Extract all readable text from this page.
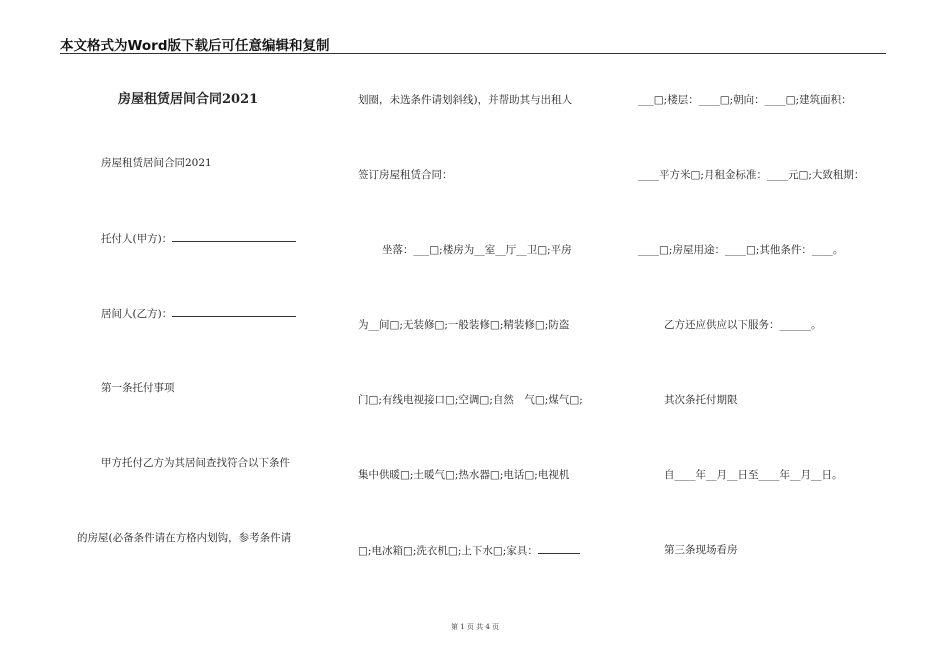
本文格式为Word版下载后可任意编辑和复制
房屋租赁居间合同2021
房屋租赁居间合同2021
托付人(甲方)：
居间人(乙方)：
第一条托付事项
甲方托付乙方为其居间查找符合以下条件
的房屋(必备条件请在方格内划钩，参考条件请
划圈，未选条件请划斜线)，并帮助其与出租人
签订房屋租赁合同：
坐落：___□;楼房为__室__厅__卫□;平房
为__间□;无装修□;一般装修□;精装修□;防盗
门□;有线电视接口□;空调□;自然　气□;煤气□;
集中供暖□;土暖气□;热水器□;电话□;电视机
□;电冰箱□;洗衣机□;上下水□;家具：
___□;楼层：____□;朝向：____□;建筑面积：
____平方米□;月租金标准：____元□;大致租期：
____□;房屋用途：____□;其他条件：____。
乙方还应供应以下服务：______。
其次条托付期限
自____年__月__日至____年__月__日。
第三条现场看房
第 1 页 共 4 页
